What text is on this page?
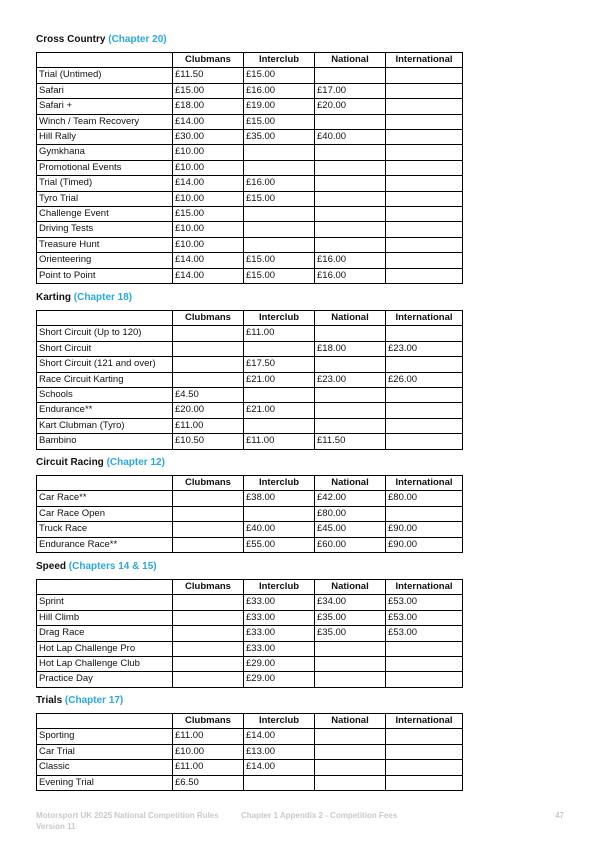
Cross Country (Chapter 20)

	Clubmans	Interclub	National	International
Trial (Untimed)	£11.50	£15.00		
Safari	£15.00	£16.00	£17.00	
Safari +	£18.00	£19.00	£20.00	
Winch / Team Recovery	£14.00	£15.00		
Hill Rally	£30.00	£35.00	£40.00	
Gymkhana	£10.00			
Promotional Events	£10.00			
Trial (Timed)	£14.00	£16.00		
Tyro Trial	£10.00	£15.00		
Challenge Event	£15.00			
Driving Tests	£10.00			
Treasure Hunt	£10.00			
Orienteering	£14.00	£15.00	£16.00	
Point to Point	£14.00	£15.00	£16.00	

Karting (Chapter 18)

	Clubmans	Interclub	National	International
Short Circuit (Up to 120)		£11.00		
Short Circuit			£18.00	£23.00
Short Circuit (121 and over)		£17.50		
Race Circuit Karting		£21.00	£23.00	£26.00
Schools	£4.50			
Endurance**	£20.00	£21.00		
Kart Clubman (Tyro)	£11.00			
Bambino	£10.50	£11.00	£11.50	

Circuit Racing (Chapter 12)

	Clubmans	Interclub	National	International
Car Race**		£38.00	£42.00	£80.00
Car Race Open			£80.00	
Truck Race		£40.00	£45.00	£90.00
Endurance Race**		£55.00	£60.00	£90.00

Speed (Chapters 14 & 15)

	Clubmans	Interclub	National	International
Sprint		£33.00	£34.00	£53.00
Hill Climb		£33.00	£35.00	£53.00
Drag Race		£33.00	£35.00	£53.00
Hot Lap Challenge Pro		£33.00		
Hot Lap Challenge Club		£29.00		
Practice Day		£29.00		

Trials (Chapter 17)

	Clubmans	Interclub	National	International
Sporting	£11.00	£14.00		
Car Trial	£10.00	£13.00		
Classic	£11.00	£14.00		
Evening Trial	£6.50			
Motorsport UK 2025 National Competition Rules
Version 11
Chapter 1 Appendix 2 - Competition Fees	47
